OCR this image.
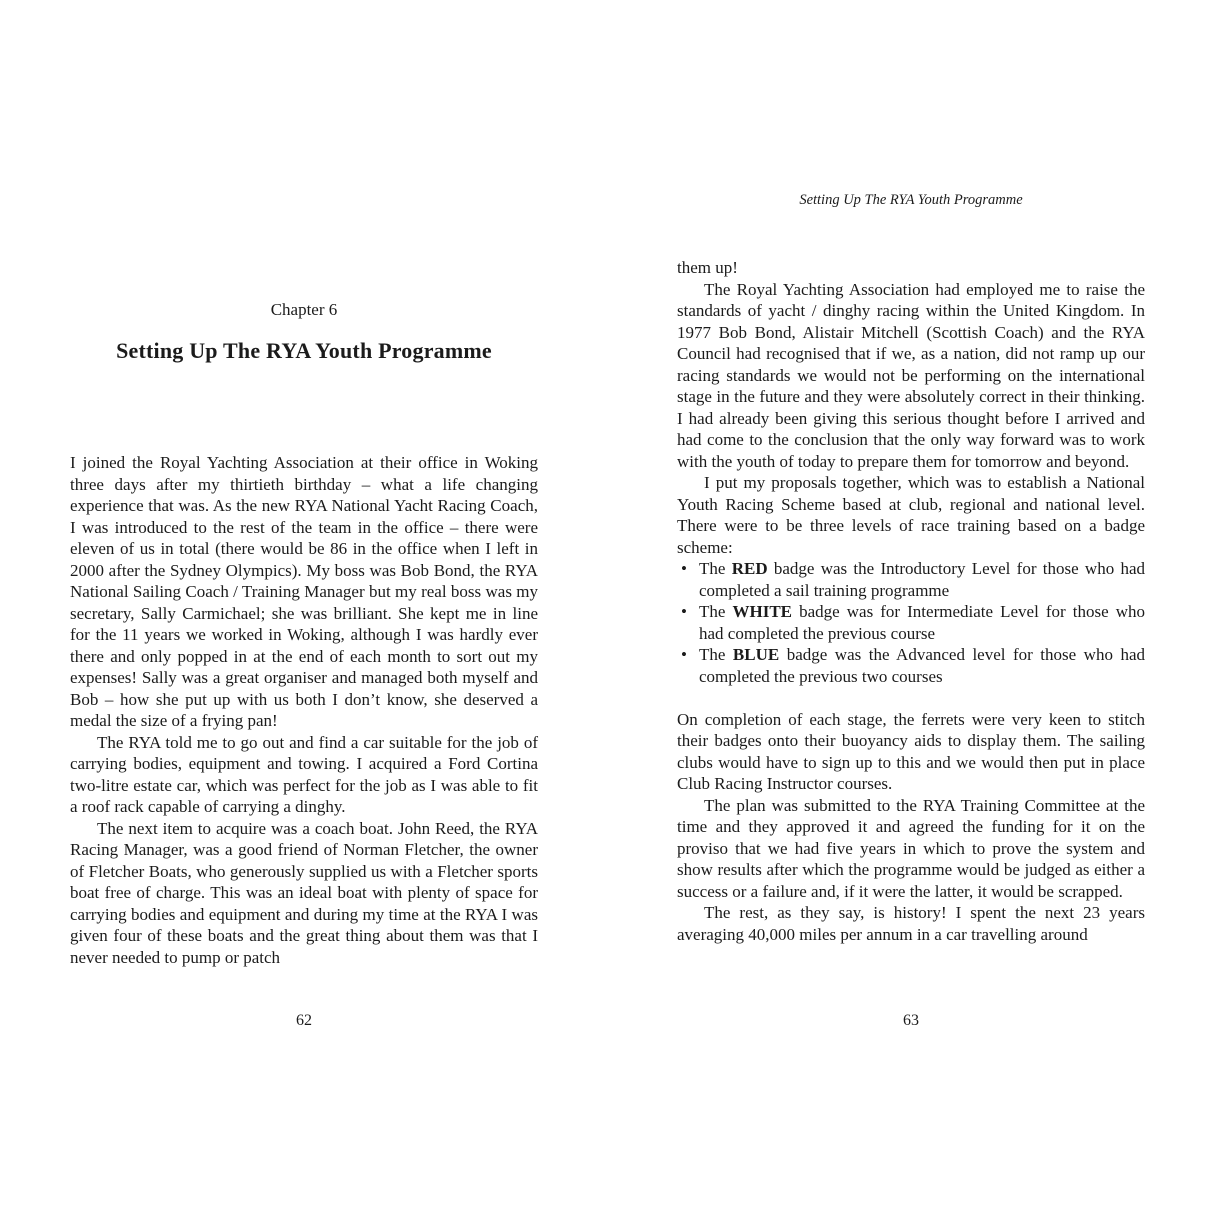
Chapter 6
Setting Up The RYA Youth Programme

I joined the Royal Yachting Association at their office in Woking three days after my thirtieth birthday – what a life changing experience that was. As the new RYA National Yacht Racing Coach, I was introduced to the rest of the team in the office – there were eleven of us in total (there would be 86 in the office when I left in 2000 after the Sydney Olympics). My boss was Bob Bond, the RYA National Sailing Coach / Training Manager but my real boss was my secretary, Sally Carmichael; she was brilliant. She kept me in line for the 11 years we worked in Woking, although I was hardly ever there and only popped in at the end of each month to sort out my expenses! Sally was a great organiser and managed both myself and Bob – how she put up with us both I don’t know, she deserved a medal the size of a frying pan!

The RYA told me to go out and find a car suitable for the job of carrying bodies, equipment and towing. I acquired a Ford Cortina two-litre estate car, which was perfect for the job as I was able to fit a roof rack capable of carrying a dinghy.

The next item to acquire was a coach boat. John Reed, the RYA Racing Manager, was a good friend of Norman Fletcher, the owner of Fletcher Boats, who generously supplied us with a Fletcher sports boat free of charge. This was an ideal boat with plenty of space for carrying bodies and equipment and during my time at the RYA I was given four of these boats and the great thing about them was that I never needed to pump or patch

62
Setting Up The RYA Youth Programme

them up!

The Royal Yachting Association had employed me to raise the standards of yacht / dinghy racing within the United Kingdom. In 1977 Bob Bond, Alistair Mitchell (Scottish Coach) and the RYA Council had recognised that if we, as a nation, did not ramp up our racing standards we would not be performing on the international stage in the future and they were absolutely correct in their thinking. I had already been giving this serious thought before I arrived and had come to the conclusion that the only way forward was to work with the youth of today to prepare them for tomorrow and beyond.

I put my proposals together, which was to establish a National Youth Racing Scheme based at club, regional and national level. There were to be three levels of race training based on a badge scheme:

• The RED badge was the Introductory Level for those who had completed a sail training programme
• The WHITE badge was for Intermediate Level for those who had completed the previous course
• The BLUE badge was the Advanced level for those who had completed the previous two courses

On completion of each stage, the ferrets were very keen to stitch their badges onto their buoyancy aids to display them. The sailing clubs would have to sign up to this and we would then put in place Club Racing Instructor courses.

The plan was submitted to the RYA Training Committee at the time and they approved it and agreed the funding for it on the proviso that we had five years in which to prove the system and show results after which the programme would be judged as either a success or a failure and, if it were the latter, it would be scrapped.

The rest, as they say, is history! I spent the next 23 years averaging 40,000 miles per annum in a car travelling around

63
